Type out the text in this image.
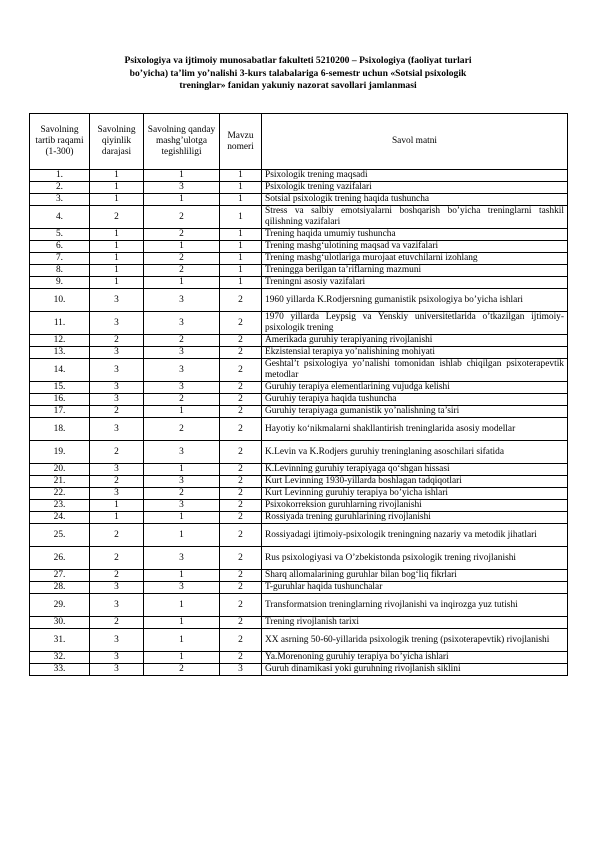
Psixologiya va ijtimoiy munosabatlar fakulteti 5210200 – Psixologiya (faoliyat turlari
bo’yicha) ta’lim yo’nalishi 3-kurs talabalariga 6-semestr uchun «Sotsial psixologik
treninglar» fanidan yakuniy nazorat savollari jamlanmasi
Savolning tartib raqami (1-300)	Savolning qiyinlik darajasi	Savolning qanday mashg’ulotga tegishliligi	Mavzu nomeri	Savol matni
1.	1	1	1	Psixologik trening maqsadi
2.	1	3	1	Psixologik trening vazifalari
3.	1	1	1	Sotsial psixologik trening haqida tushuncha
4.	2	2	1	Stress va salbiy emotsiyalarni boshqarish bo’yicha treninglarni tashkil qilishning vazifalari
5.	1	2	1	Trening haqida umumiy tushuncha
6.	1	1	1	Trening mashg‘ulotining maqsad va vazifalari
7.	1	2	1	Trening mashg‘ulotlariga murojaat etuvchilarni izohlang
8.	1	2	1	Treningga berilgan ta’riflarning mazmuni
9.	1	1	1	Treningni asosiy vazifalari
10.	3	3	2	1960 yillarda K.Rodjersning gumanistik psixologiya bo’yicha ishlari
11.	3	3	2	1970 yillarda Leypsig va Yenskiy universitetlarida o’tkazilgan ijtimoiy-psixologik trening
12.	2	2	2	Amerikada guruhiy terapiyaning rivojlanishi
13.	3	3	2	Ekzistensial terapiya yo’nalishining mohiyati
14.	3	3	2	Geshtal’t psixologiya yo’nalishi tomonidan ishlab chiqilgan psixoterapevtik metodlar
15.	3	3	2	Guruhiy terapiya elementlarining vujudga kelishi
16.	3	2	2	Guruhiy terapiya haqida tushuncha
17.	2	1	2	Guruhiy terapiyaga gumanistik yo’nalishning ta’siri
18.	3	2	2	Hayotiy ko‘nikmalarni shakllantirish treninglarida asosiy modellar
19.	2	3	2	K.Levin va K.Rodjers guruhiy treninglaning asoschilari sifatida
20.	3	1	2	K.Levinning guruhiy terapiyaga qo‘shgan hissasi
21.	2	3	2	Kurt Levinning 1930-yillarda boshlagan tadqiqotlari
22.	3	2	2	Kurt Levinning guruhiy terapiya bo’yicha ishlari
23.	1	3	2	Psixokorreksion guruhlarning rivojlanishi
24.	1	1	2	Rossiyada trening guruhlarining rivojlanishi
25.	2	1	2	Rossiyadagi ijtimoiy-psixologik treningning nazariy va metodik jihatlari
26.	2	3	2	Rus psixologiyasi va O’zbekistonda psixologik trening rivojlanishi
27.	2	1	2	Sharq allomalarining guruhlar bilan bog‘liq fikrlari
28.	3	3	2	T-guruhlar haqida tushunchalar
29.	3	1	2	Transformatsion treninglarning rivojlanishi va inqirozga yuz tutishi
30.	2	1	2	Trening rivojlanish tarixi
31.	3	1	2	XX asrning 50-60-yillarida psixologik trening (psixoterapevtik) rivojlanishi
32.	3	1	2	Ya.Morenoning guruhiy terapiya bo’yicha ishlari
33.	3	2	3	Guruh dinamikasi yoki guruhning rivojlanish siklini
